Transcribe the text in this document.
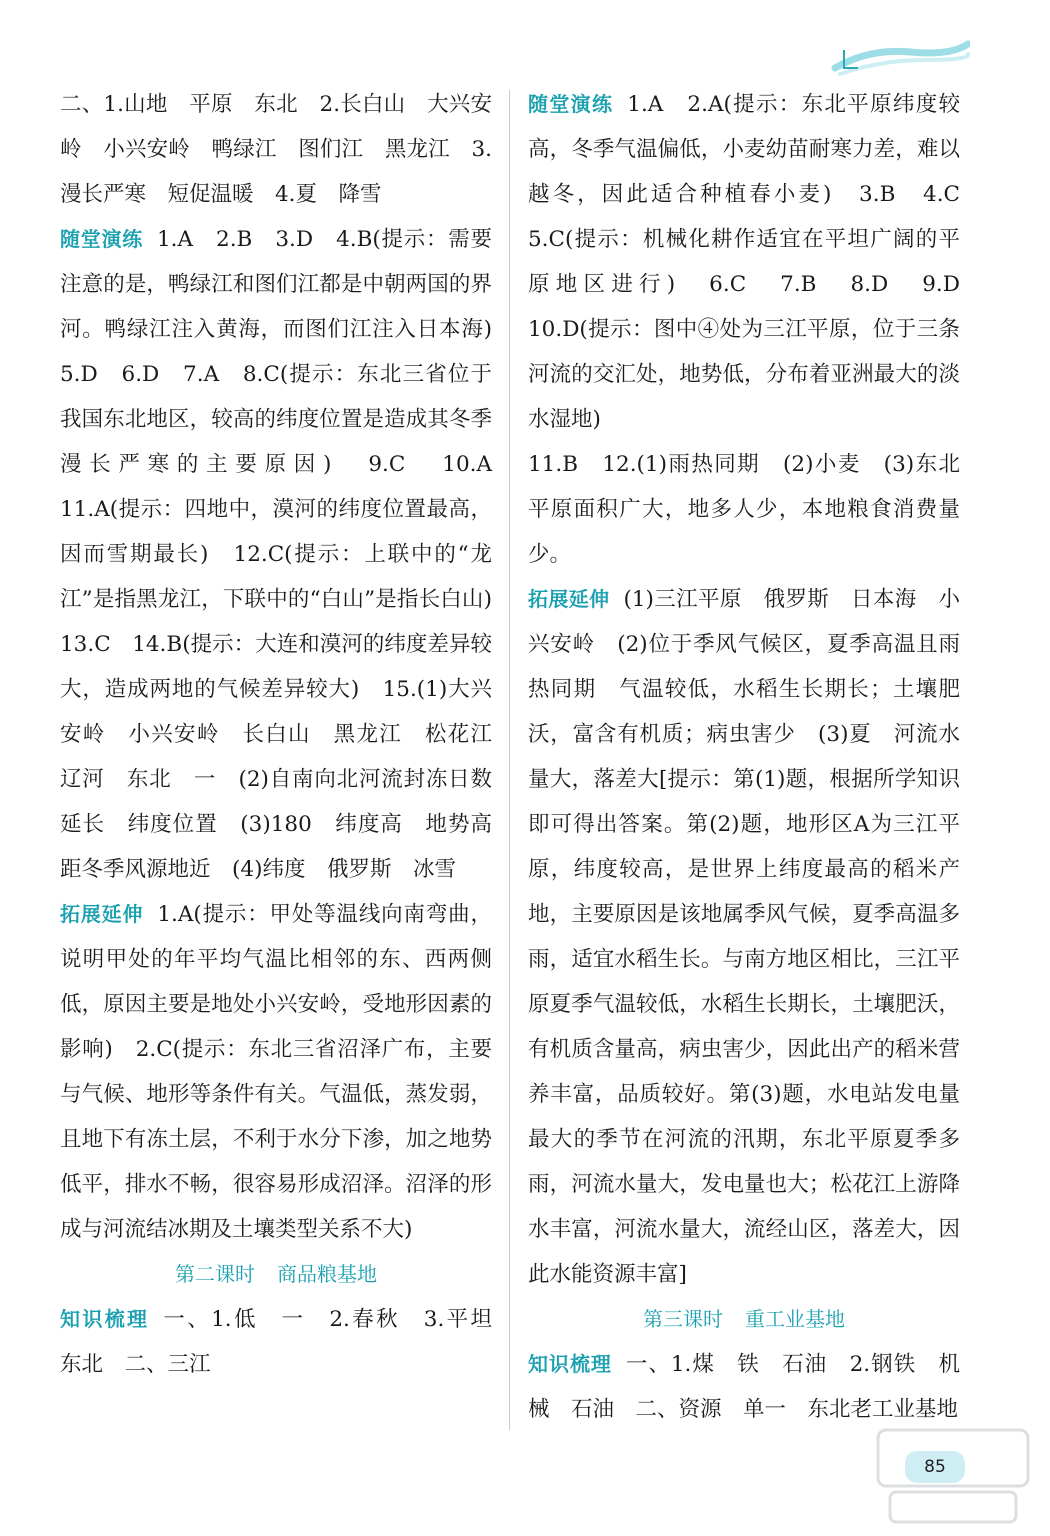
二、1.山地　平原　东北　2.长白山　大兴安岭　小兴安岭　鸭绿江　图们江　黑龙江　3.漫长严寒　短促温暖　4.夏　降雪

随堂演练 1.A　2.B　3.D　4.B(提示：需要注意的是，鸭绿江和图们江都是中朝两国的界河。鸭绿江注入黄海，而图们江注入日本海)　5.D　6.D　7.A　8.C(提示：东北三省位于我国东北地区，较高的纬度位置是造成其冬季漫长严寒的主要原因)　9.C　10.A　11.A(提示：四地中，漠河的纬度位置最高，因而雪期最长)　12.C(提示：上联中的“龙江”是指黑龙江，下联中的“白山”是指长白山)　13.C　14.B(提示：大连和漠河的纬度差异较大，造成两地的气候差异较大)　15.(1)大兴安岭　小兴安岭　长白山　黑龙江　松花江　辽河　东北　一　(2)自南向北河流封冻日数延长　纬度位置　(3)180　纬度高　地势高　距冬季风源地近　(4)纬度　俄罗斯　冰雪

拓展延伸 1.A(提示：甲处等温线向南弯曲，说明甲处的年平均气温比相邻的东、西两侧低，原因主要是地处小兴安岭，受地形因素的影响)　2.C(提示：东北三省沼泽广布，主要与气候、地形等条件有关。气温低，蒸发弱，且地下有冻土层，不利于水分下渗，加之地势低平，排水不畅，很容易形成沼泽。沼泽的形成与河流结冰期及土壤类型关系不大)

第二课时 商品粮基地

知识梳理 一、1.低　一　2.春秋　3.平坦　东北　二、三江

随堂演练 1.A　2.A(提示：东北平原纬度较高，冬季气温偏低，小麦幼苗耐寒力差，难以越冬，因此适合种植春小麦)　3.B　4.C　5.C(提示：机械化耕作适宜在平坦广阔的平原地区进行)　6.C　7.B　8.D　9.D　10.D(提示：图中④处为三江平原，位于三条河流的交汇处，地势低，分布着亚洲最大的淡水湿地)

11.B　12.(1)雨热同期　(2)小麦　(3)东北平原面积广大，地多人少，本地粮食消费量少。

拓展延伸 (1)三江平原　俄罗斯　日本海　小兴安岭　(2)位于季风气候区，夏季高温且雨热同期　气温较低，水稻生长期长；土壤肥沃，富含有机质；病虫害少　(3)夏　河流水量大，落差大[提示：第(1)题，根据所学知识即可得出答案。第(2)题，地形区A为三江平原，纬度较高，是世界上纬度最高的稻米产地，主要原因是该地属季风气候，夏季高温多雨，适宜水稻生长。与南方地区相比，三江平原夏季气温较低，水稻生长期长，土壤肥沃，有机质含量高，病虫害少，因此出产的稻米营养丰富，品质较好。第(3)题，水电站发电量最大的季节在河流的汛期，东北平原夏季多雨，河流水量大，发电量也大；松花江上游降水丰富，河流水量大，流经山区，落差大，因此水能资源丰富]

第三课时 重工业基地

知识梳理 一、1.煤　铁　石油　2.钢铁　机械　石油　二、资源　单一　东北老工业基地

85
